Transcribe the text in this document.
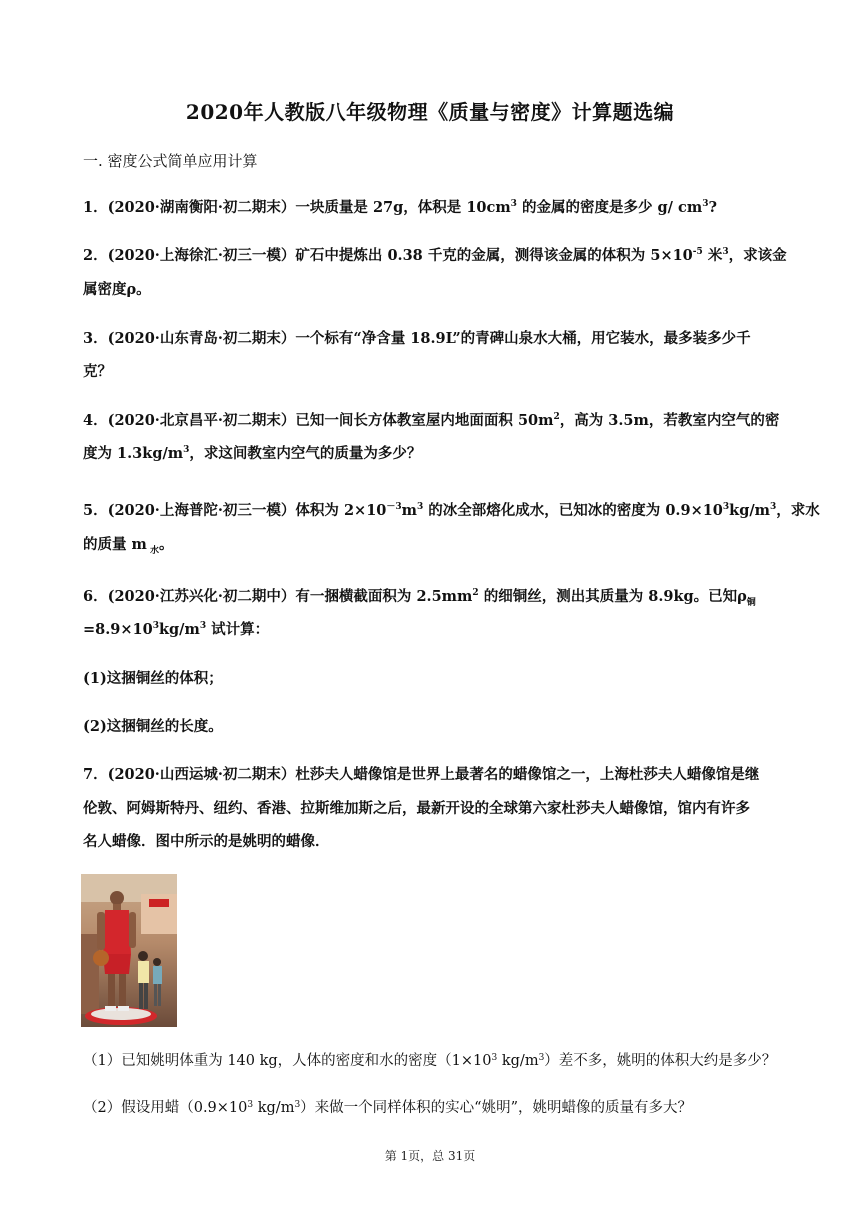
2020年人教版八年级物理《质量与密度》计算题选编
一. 密度公式简单应用计算
1．(2020·湖南衡阳·初二期末）一块质量是 27g，体积是 $10cm^3$ 的金属的密度是多少 g/ $cm^3$?
2．(2020·上海徐汇·初三一模）矿石中提炼出 0.38 千克的金属，测得该金属的体积为 $5\times 10^{-5}$ 米$^3$，求该金
属密度ρ。
3．(2020·山东青岛·初二期末）一个标有“净含量 18.9L”的青碑山泉水大桶，用它装水，最多装多少千
克？
4．(2020·北京昌平·初二期末）已知一间长方体教室屋内地面面积 $50m^2$，高为 3.5m，若教室内空气的密
度为 $1.3kg/m^3$，求这间教室内空气的质量为多少？
5．(2020·上海普陀·初三一模）体积为 $2\times 10^{-3}m^3$ 的冰全部熔化成水，已知冰的密度为 $0.9\times 10^3kg/m^3$，求水
的质量 m $_水$。
6．(2020·江苏兴化·初二期中）有一捆横截面积为 $2.5mm^2$ 的细铜丝，测出其质量为 8.9kg。已知$\rho_铜$
$=8.9\times 10^3kg/m^3$ 试计算：
(1)这捆铜丝的体积；
(2)这捆铜丝的长度。
7．(2020·山西运城·初二期末）杜莎夫人蜡像馆是世界上最著名的蜡像馆之一，上海杜莎夫人蜡像馆是继
伦敦、阿姆斯特丹、纽约、香港、拉斯维加斯之后，最新开设的全球第六家杜莎夫人蜡像馆，馆内有许多
名人蜡像．图中所示的是姚明的蜡像．
（1）已知姚明体重为 140 kg，人体的密度和水的密度（$1\times 10^3$ $kg/m^3$）差不多，姚明的体积大约是多少？
（2）假设用蜡（$0.9\times 10^3$ $kg/m^3$）来做一个同样体积的实心“姚明”，姚明蜡像的质量有多大？
第 1页，总 31页
